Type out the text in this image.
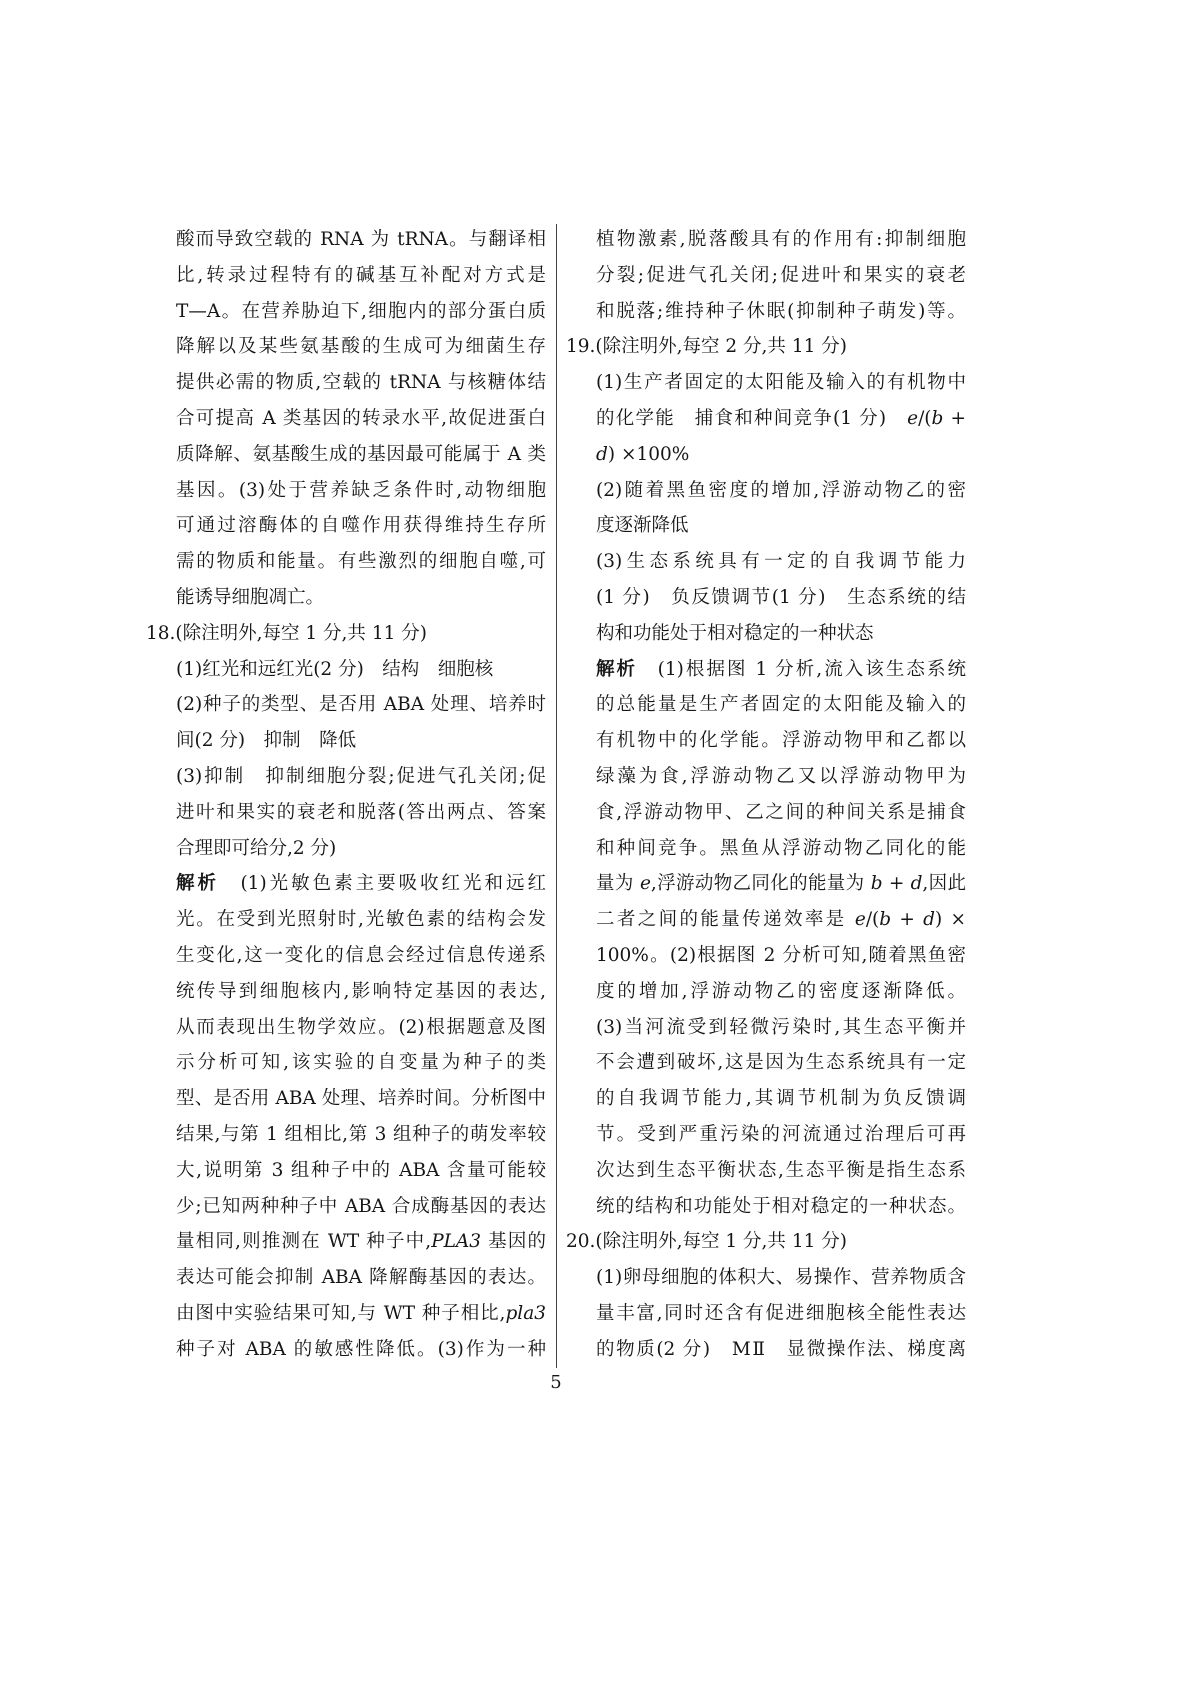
酸而导致空载的 RNA 为 tRNA。与翻译相
比,转录过程特有的碱基互补配对方式是
T—A。在营养胁迫下,细胞内的部分蛋白质
降解以及某些氨基酸的生成可为细菌生存
提供必需的物质,空载的 tRNA 与核糖体结
合可提高 A 类基因的转录水平,故促进蛋白
质降解、氨基酸生成的基因最可能属于 A 类
基因。(3)处于营养缺乏条件时,动物细胞
可通过溶酶体的自噬作用获得维持生存所
需的物质和能量。有些激烈的细胞自噬,可
能诱导细胞凋亡。
18.(除注明外,每空 1 分,共 11 分)
(1)红光和远红光(2 分)　结构　细胞核
(2)种子的类型、是否用 ABA 处理、培养时
间(2 分)　抑制　降低
(3)抑制　抑制细胞分裂;促进气孔关闭;促
进叶和果实的衰老和脱落(答出两点、答案
合理即可给分,2 分)
解析　(1)光敏色素主要吸收红光和远红
光。在受到光照射时,光敏色素的结构会发
生变化,这一变化的信息会经过信息传递系
统传导到细胞核内,影响特定基因的表达,
从而表现出生物学效应。(2)根据题意及图
示分析可知,该实验的自变量为种子的类
型、是否用 ABA 处理、培养时间。分析图中
结果,与第 1 组相比,第 3 组种子的萌发率较
大,说明第 3 组种子中的 ABA 含量可能较
少;已知两种种子中 ABA 合成酶基因的表达
量相同,则推测在 WT 种子中,PLA3 基因的
表达可能会抑制 ABA 降解酶基因的表达。
由图中实验结果可知,与 WT 种子相比,pla3
种子对 ABA 的敏感性降低。(3)作为一种
植物激素,脱落酸具有的作用有:抑制细胞
分裂;促进气孔关闭;促进叶和果实的衰老
和脱落;维持种子休眠(抑制种子萌发)等。
19.(除注明外,每空 2 分,共 11 分)
(1)生产者固定的太阳能及输入的有机物中
的化学能　捕食和种间竞争(1 分)　e/(b +
d) ×100%
(2)随着黑鱼密度的增加,浮游动物乙的密
度逐渐降低
(3)生态系统具有一定的自我调节能力
(1 分)　负反馈调节(1 分)　生态系统的结
构和功能处于相对稳定的一种状态
解析　(1)根据图 1 分析,流入该生态系统
的总能量是生产者固定的太阳能及输入的
有机物中的化学能。浮游动物甲和乙都以
绿藻为食,浮游动物乙又以浮游动物甲为
食,浮游动物甲、乙之间的种间关系是捕食
和种间竞争。黑鱼从浮游动物乙同化的能
量为 e,浮游动物乙同化的能量为 b + d,因此
二者之间的能量传递效率是 e/(b + d) ×
100%。(2)根据图 2 分析可知,随着黑鱼密
度的增加,浮游动物乙的密度逐渐降低。
(3)当河流受到轻微污染时,其生态平衡并
不会遭到破坏,这是因为生态系统具有一定
的自我调节能力,其调节机制为负反馈调
节。受到严重污染的河流通过治理后可再
次达到生态平衡状态,生态平衡是指生态系
统的结构和功能处于相对稳定的一种状态。
20.(除注明外,每空 1 分,共 11 分)
(1)卵母细胞的体积大、易操作、营养物质含
量丰富,同时还含有促进细胞核全能性表达
的物质(2 分)　MⅡ　显微操作法、梯度离
5
